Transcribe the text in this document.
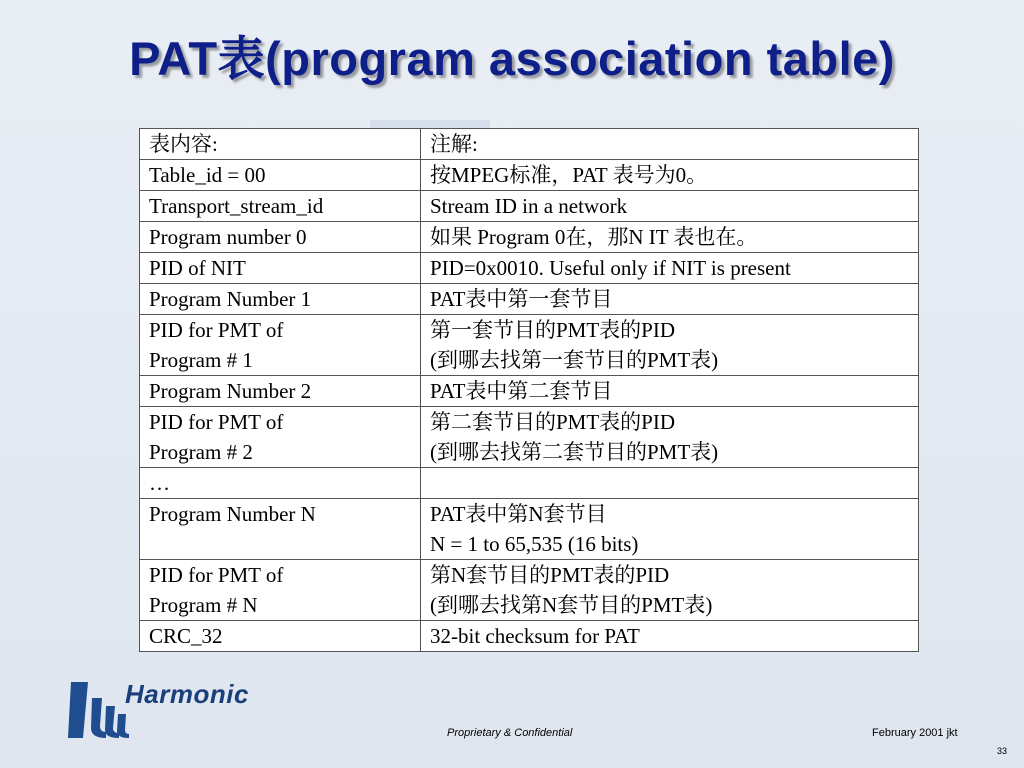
PAT表(program association table)
表内容:	注解:
Table_id = 00	按MPEG标准，PAT 表号为0。
Transport_stream_id	Stream ID in a network
Program number 0	如果 Program 0在，那N IT 表也在。
PID of NIT	PID=0x0010. Useful only if NIT is present
Program Number 1	PAT表中第一套节目
PID for PMT of
Program # 1	第一套节目的PMT表的PID
(到哪去找第一套节目的PMT表)
Program Number 2	PAT表中第二套节目
PID for PMT of
Program # 2	第二套节目的PMT表的PID
(到哪去找第二套节目的PMT表)
…	
Program Number N	PAT表中第N套节目
N = 1 to 65,535 (16 bits)
PID for PMT of
Program # N	第N套节目的PMT表的PID
(到哪去找第N套节目的PMT表)
CRC_32	32-bit checksum for PAT
Harmonic
Proprietary & Confidential	February 2001 jkt
33
